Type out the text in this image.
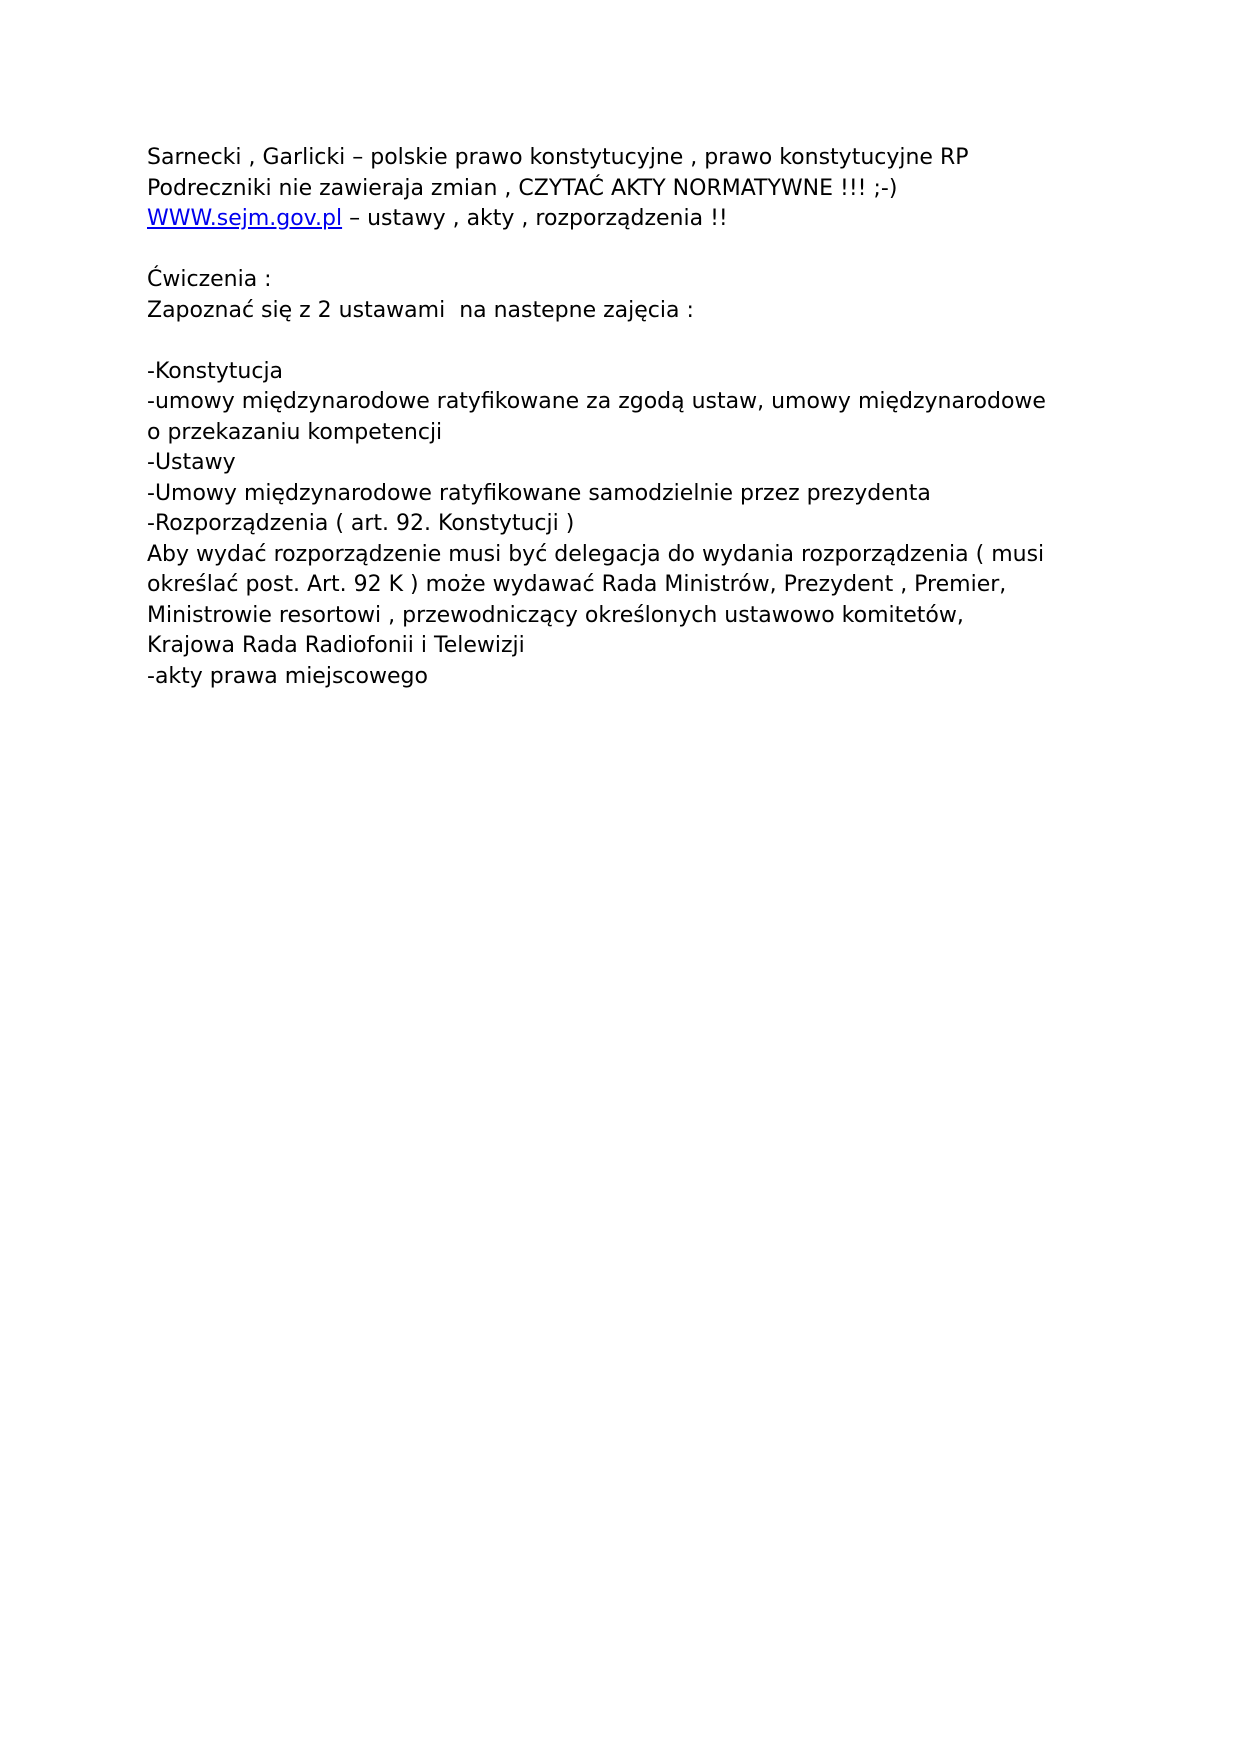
Sarnecki , Garlicki – polskie prawo konstytucyjne , prawo konstytucyjne RP

Podreczniki nie zawieraja zmian , CZYTAĆ AKTY NORMATYWNE !!! ;-)

WWW.sejm.gov.pl – ustawy , akty , rozporządzenia !!

Ćwiczenia :

Zapoznać się z 2 ustawami  na nastepne zajęcia :

-Konstytucja

-umowy międzynarodowe ratyfikowane za zgodą ustaw, umowy międzynarodowe

o przekazaniu kompetencji

-Ustawy

-Umowy międzynarodowe ratyfikowane samodzielnie przez prezydenta

-Rozporządzenia ( art. 92. Konstytucji )

Aby wydać rozporządzenie musi być delegacja do wydania rozporządzenia ( musi

określać post. Art. 92 K ) może wydawać Rada Ministrów, Prezydent , Premier,

Ministrowie resortowi , przewodniczący określonych ustawowo komitetów,

Krajowa Rada Radiofonii i Telewizji

-akty prawa miejscowego
